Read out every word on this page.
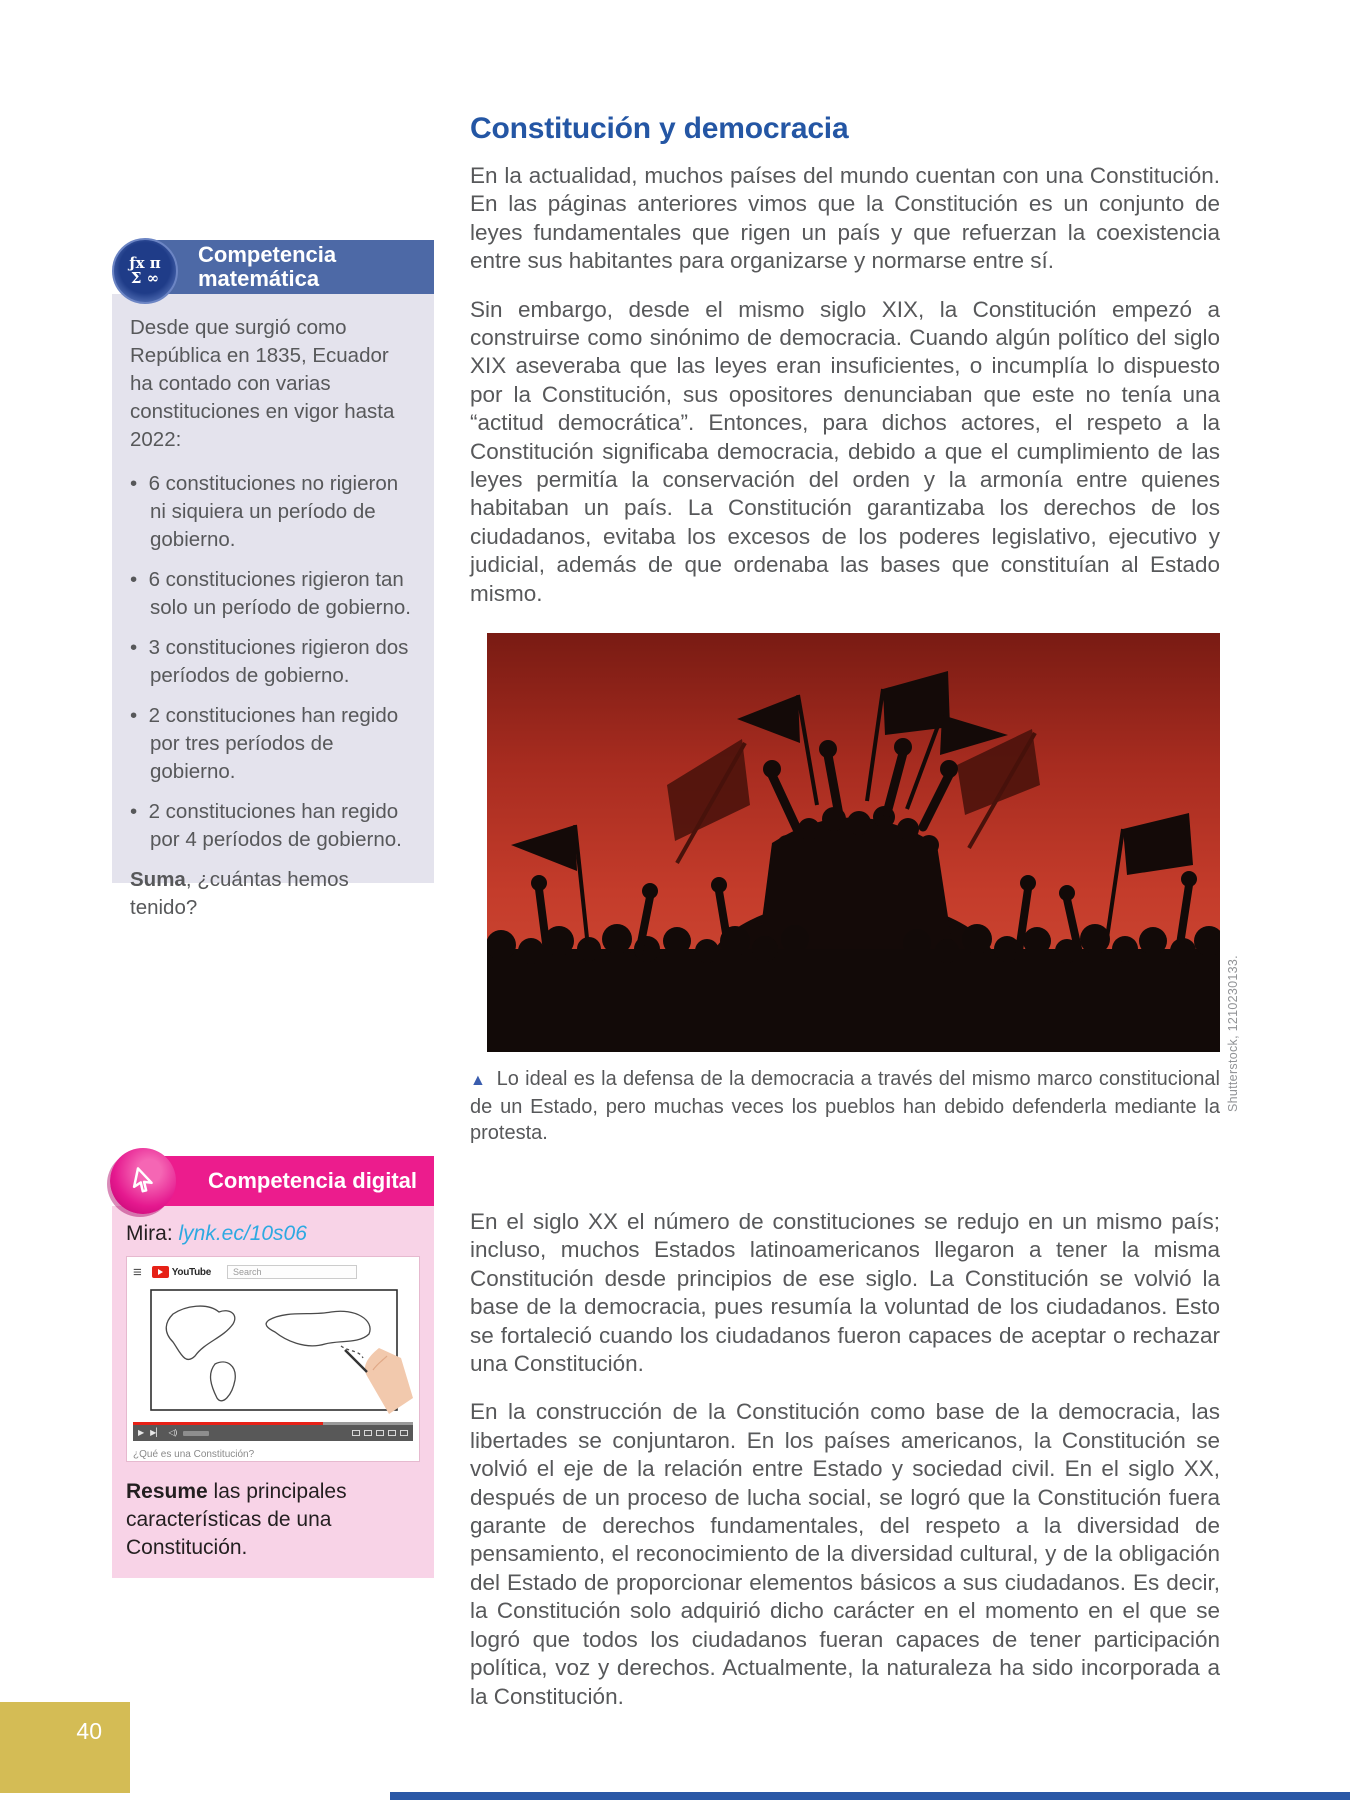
Constitución y democracia

En la actualidad, muchos países del mundo cuentan con una Constitución. En las páginas anteriores vimos que la Constitución es un conjunto de leyes fundamentales que rigen un país y que refuerzan la coexistencia entre sus habitantes para organizarse y normarse entre sí.

Sin embargo, desde el mismo siglo XIX, la Constitución empezó a construirse como sinónimo de democracia. Cuando algún político del siglo XIX aseveraba que las leyes eran insuficientes, o incumplía lo dispuesto por la Constitución, sus opositores denunciaban que este no tenía una “actitud democrática”. Entonces, para dichos actores, el respeto a la Constitución significaba democracia, debido a que el cumplimiento de las leyes permitía la conservación del orden y la armonía entre quienes habitaban un país. La Constitución garantizaba los derechos de los ciudadanos, evitaba los excesos de los poderes legislativo, ejecutivo y judicial, además de que ordenaba las bases que constituían al Estado mismo.

Shutterstock, 1210230133.
▲ Lo ideal es la defensa de la democracia a través del mismo marco constitucional de un Estado, pero muchas veces los pueblos han debido defenderla mediante la protesta.

En el siglo XX el número de constituciones se redujo en un mismo país; incluso, muchos Estados latinoamericanos llegaron a tener la misma Constitución desde principios de ese siglo. La Constitución se volvió la base de la democracia, pues resumía la voluntad de los ciudadanos. Esto se fortaleció cuando los ciudadanos fueron capaces de aceptar o rechazar una Constitución.

En la construcción de la Constitución como base de la democracia, las libertades se conjuntaron. En los países americanos, la Constitución se volvió el eje de la relación entre Estado y sociedad civil. En el siglo XX, después de un proceso de lucha social, se logró que la Constitución fuera garante de derechos fundamentales, del respeto a la diversidad de pensamiento, el reconocimiento de la diversidad cultural, y de la obligación del Estado de proporcionar elementos básicos a sus ciudadanos. Es decir, la Constitución solo adquirió dicho carácter en el momento en el que se logró que todos los ciudadanos fueran capaces de tener participación política, voz y derechos. Actualmente, la naturaleza ha sido incorporada a la Constitución.

ƒx π
Σ ∞
Competencia
matemática

Desde que surgió como República en 1835, Ecuador ha contado con varias constituciones en vigor hasta 2022:

•  6 constituciones no rigieron ni siquiera un período de gobierno.
•  6 constituciones rigieron tan solo un período de gobierno.
•  3 constituciones rigieron dos períodos de gobierno.
•  2 constituciones han regido por tres períodos de gobierno.
•  2 constituciones han regido por 4 períodos de gobierno.

Suma, ¿cuántas hemos tenido?

Competencia digital

Mira: lynk.ec/10s06

≡	YouTube	Search
▶ ▶▏ ◁)
¿Qué es una Constitución?

Resume las principales características de una Constitución.

40
